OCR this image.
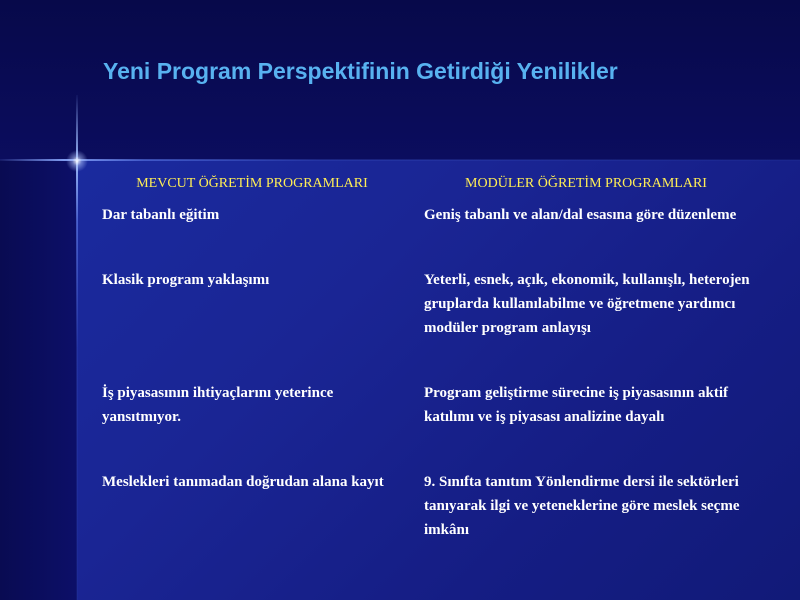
Yeni Program Perspektifinin Getirdiği Yenilikler
MEVCUT ÖĞRETİM PROGRAMLARI	MODÜLER ÖĞRETİM PROGRAMLARI
Dar tabanlı eğitim	Geniş tabanlı ve alan/dal esasına göre düzenleme
Klasik program yaklaşımı	Yeterli, esnek, açık, ekonomik, kullanışlı, heterojen gruplarda kullanılabilme ve öğretmene yardımcı modüler program anlayışı
İş piyasasının ihtiyaçlarını yeterince yansıtmıyor.	Program geliştirme sürecine iş piyasasının aktif katılımı ve iş piyasası analizine dayalı
Meslekleri tanımadan doğrudan alana kayıt	9. Sınıfta tanıtım Yönlendirme dersi ile sektörleri tanıyarak ilgi ve yeteneklerine göre meslek seçme imkânı
